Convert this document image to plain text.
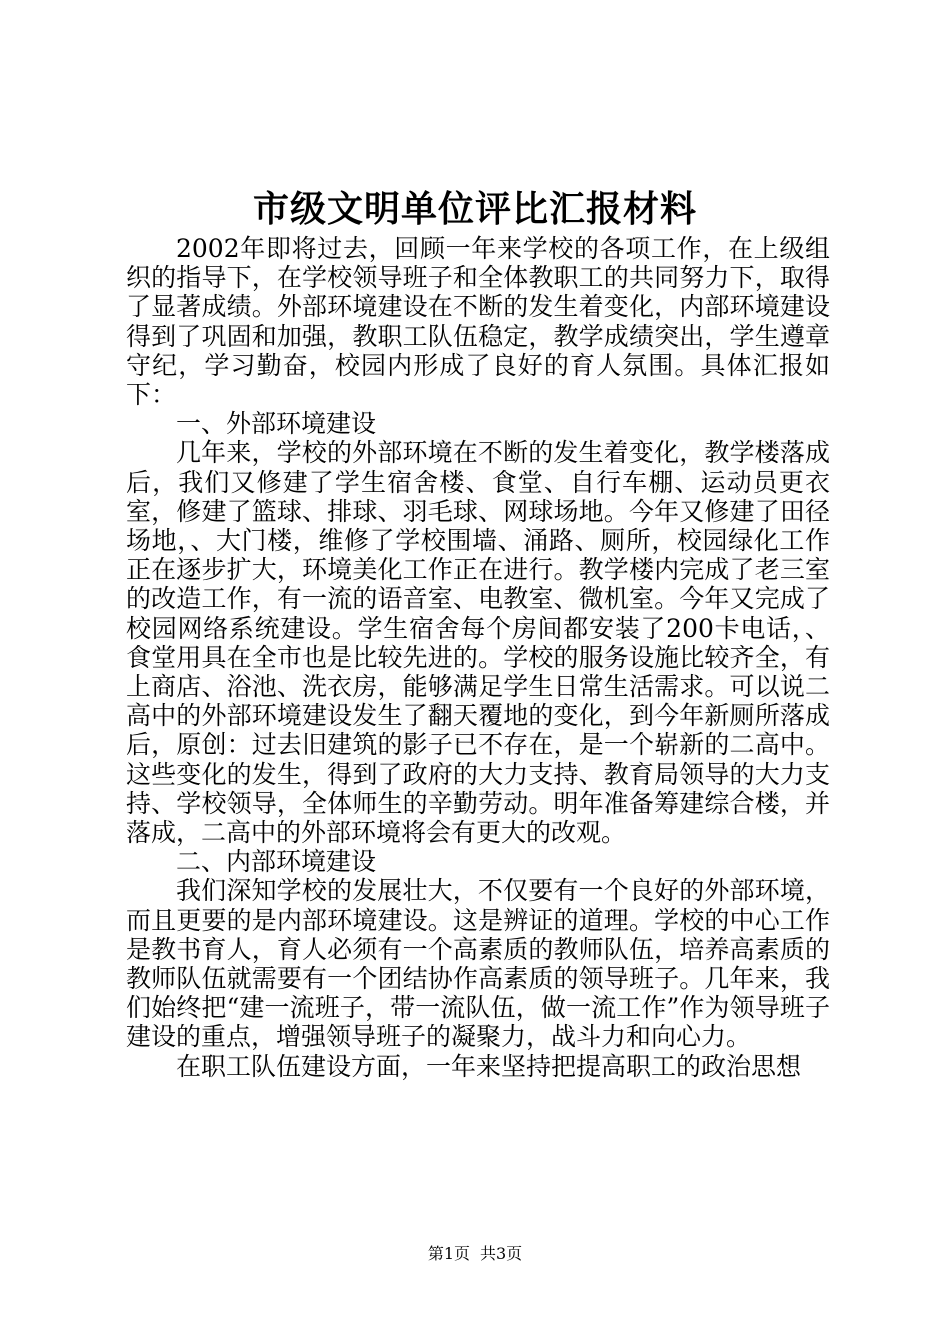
市级文明单位评比汇报材料

2002年即将过去，回顾一年来学校的各项工作，在上级组织的指导下，在学校领导班子和全体教职工的共同努力下，取得了显著成绩。外部环境建设在不断的发生着变化，内部环境建设得到了巩固和加强，教职工队伍稳定，教学成绩突出，学生遵章守纪，学习勤奋，校园内形成了良好的育人氛围。具体汇报如下：

一、外部环境建设

几年来，学校的外部环境在不断的发生着变化，教学楼落成后，我们又修建了学生宿舍楼、食堂、自行车棚、运动员更衣室，修建了篮球、排球、羽毛球、网球场地。今年又修建了田径场地，、大门楼，维修了学校围墙、涌路、厕所，校园绿化工作正在逐步扩大，环境美化工作正在进行。教学楼内完成了老三室的改造工作，有一流的语音室、电教室、微机室。今年又完成了校园网络系统建设。学生宿舍每个房间都安装了200卡电话，、食堂用具在全市也是比较先进的。学校的服务设施比较齐全，有上商店、浴池、洗衣房，能够满足学生日常生活需求。可以说二高中的外部环境建设发生了翻天覆地的变化，到今年新厕所落成后，原创：过去旧建筑的影子已不存在，是一个崭新的二高中。这些变化的发生，得到了政府的大力支持、教育局领导的大力支持、学校领导，全体师生的辛勤劳动。明年准备筹建综合楼，并落成，二高中的外部环境将会有更大的改观。

二、内部环境建设

我们深知学校的发展壮大，不仅要有一个良好的外部环境，而且更要的是内部环境建设。这是辨证的道理。学校的中心工作是教书育人，育人必须有一个高素质的教师队伍，培养高素质的教师队伍就需要有一个团结协作高素质的领导班子。几年来，我们始终把“建一流班子，带一流队伍，做一流工作”作为领导班子建设的重点，增强领导班子的凝聚力，战斗力和向心力。

在职工队伍建设方面，一年来坚持把提高职工的政治思想

第1页 共3页
